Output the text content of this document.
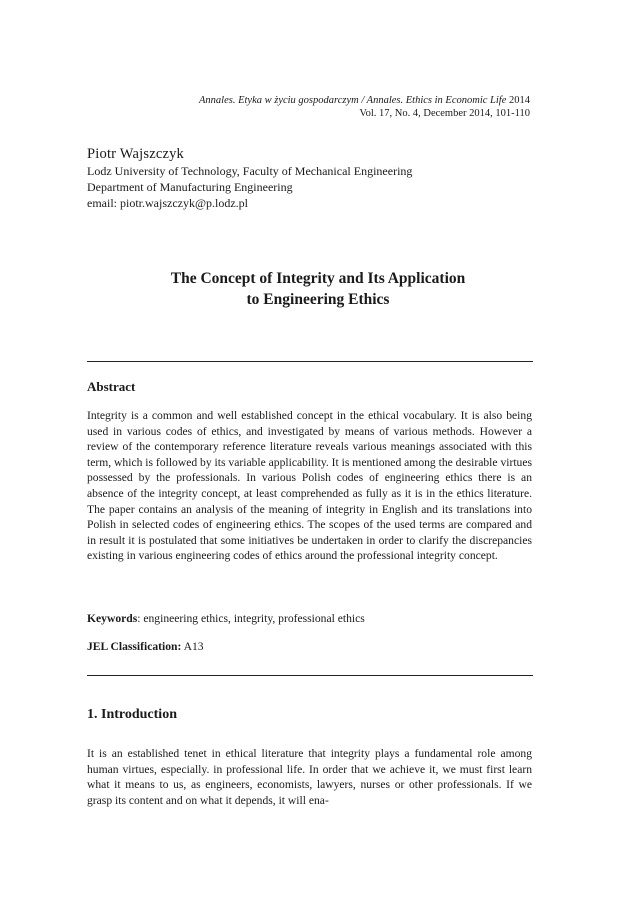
Annales. Etyka w życiu gospodarczym / Annales. Ethics in Economic Life 2014
Vol. 17, No. 4, December 2014, 101-110
Piotr Wajszczyk
Lodz University of Technology, Faculty of Mechanical Engineering
Department of Manufacturing Engineering
email: piotr.wajszczyk@p.lodz.pl
The Concept of Integrity and Its Application
to Engineering Ethics
Abstract
Integrity is a common and well established concept in the ethical vocabulary. It is also being used in various codes of ethics, and investigated by means of various methods. However a review of the contemporary reference literature reveals various meanings associated with this term, which is followed by its variable applicability. It is mentioned among the desirable virtues possessed by the professionals. In various Polish codes of engineering ethics there is an absence of the integrity concept, at least comprehended as fully as it is in the ethics literature. The paper contains an analysis of the meaning of integrity in English and its translations into Polish in selected codes of engineering ethics. The scopes of the used terms are compared and in result it is postulated that some initiatives be undertaken in order to clarify the discrepancies existing in various engineering codes of ethics around the professional integrity concept.
Keywords: engineering ethics, integrity, professional ethics
JEL Classification: A13
1. Introduction
It is an established tenet in ethical literature that integrity plays a fundamental role among human virtues, especially. in professional life. In order that we achieve it, we must first learn what it means to us, as engineers, economists, lawyers, nurses or other professionals. If we grasp its content and on what it depends, it will ena-
